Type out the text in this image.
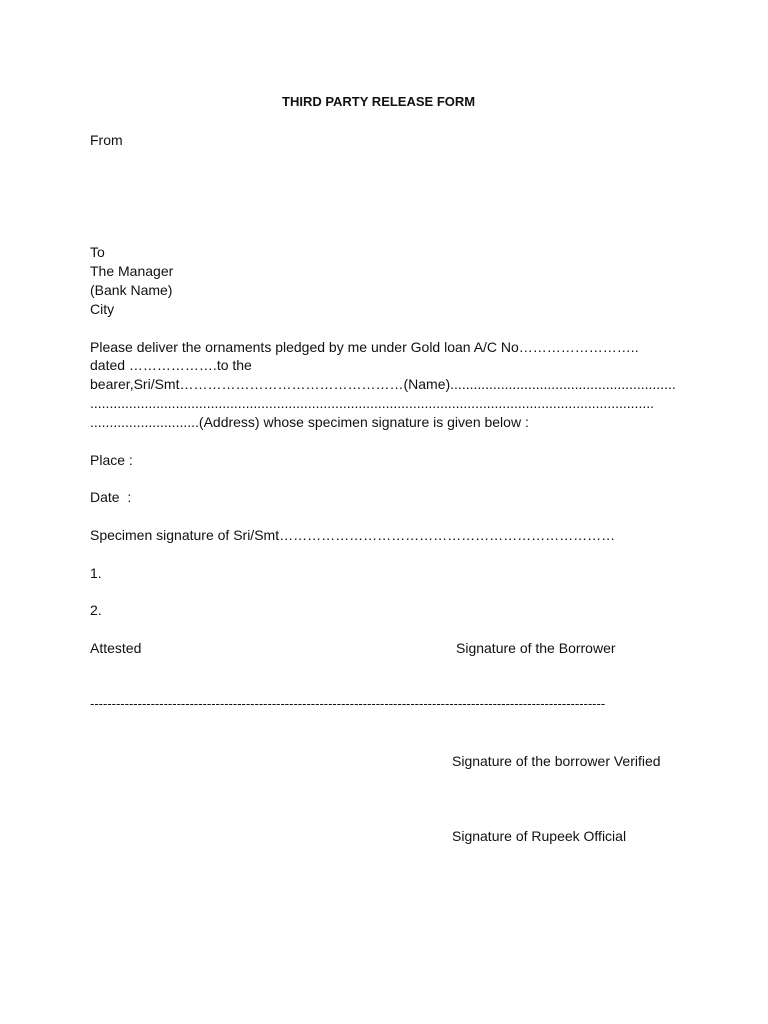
THIRD PARTY RELEASE FORM
From
To
The Manager
(Bank Name)
City
Please deliver the ornaments pledged by me under Gold loan A/C No……………………..
dated ……………….to the
bearer,Sri/Smt…………………………………………(Name)..........................................................
.................................................................................................................................................
............................(Address) whose specimen signature is given below :
Place :
Date  :
Specimen signature of Sri/Smt………………………………………………………………
1.
2.
Attested	Signature of the Borrower
-----------------------------------------------------------------------------------------------------------------------
Signature of the borrower Verified
Signature of Rupeek Official
